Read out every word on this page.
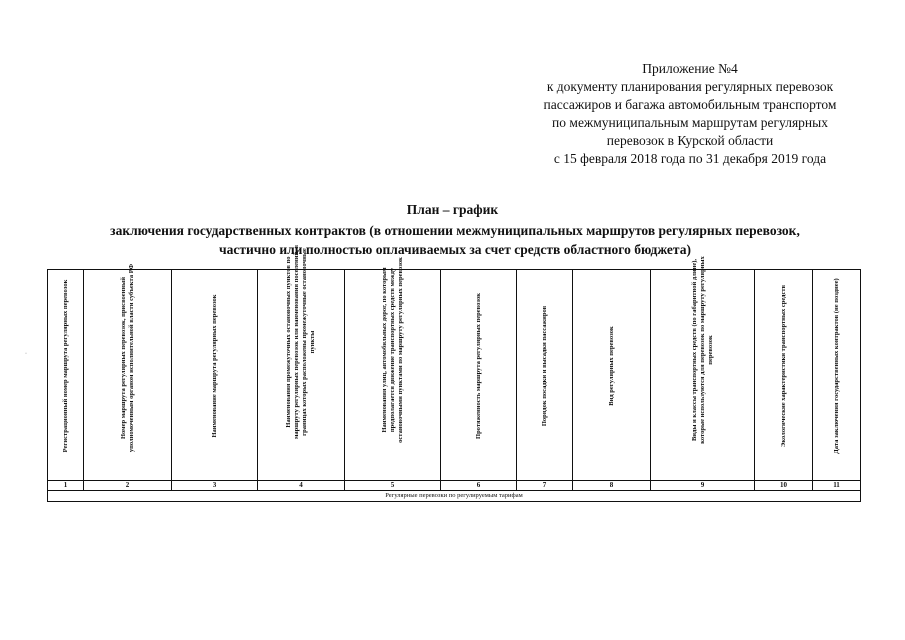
Приложение №4
к документу планирования регулярных перевозок
пассажиров и багажа автомобильным транспортом
по межмуниципальным маршрутам регулярных
перевозок в Курской области
с 15 февраля 2018 года по 31 декабря 2019 года
План – график
заключения государственных контрактов (в отношении межмуниципальных маршрутов регулярных перевозок,
частично или полностью оплачиваемых за счет средств областного бюджета)
·	Регистрационный номер маршрута регулярных перевозок	Номер маршрута регулярных перевозок, присвоенный уполномоченным органом исполнительной власти субъекта РФ	Наименование маршрута регулярных перевозок	Наименования промежуточных остановочных пунктов по маршруту регулярных перевозок или наименования поселений, в границах которых расположены промежуточные остановочные пункты	Наименования улиц, автомобильных дорог, по которым предполагается движение транспортных средств между остановочными пунктами по маршруту регулярных перевозок	Протяженность маршрута регулярных перевозок	Порядок посадки и высадки пассажиров	Вид регулярных перевозок	Виды и классы транспортных средств (по габаритной длине), которые используются для перевозок по маршруту регулярных перевозок	Экологические характеристики транспортных средств	Дата заключения государственных контрактов (не позднее)

1	2	3	4	5	6	7	8	9	10	11
Регулярные перевозки по регулируемым тарифам										
